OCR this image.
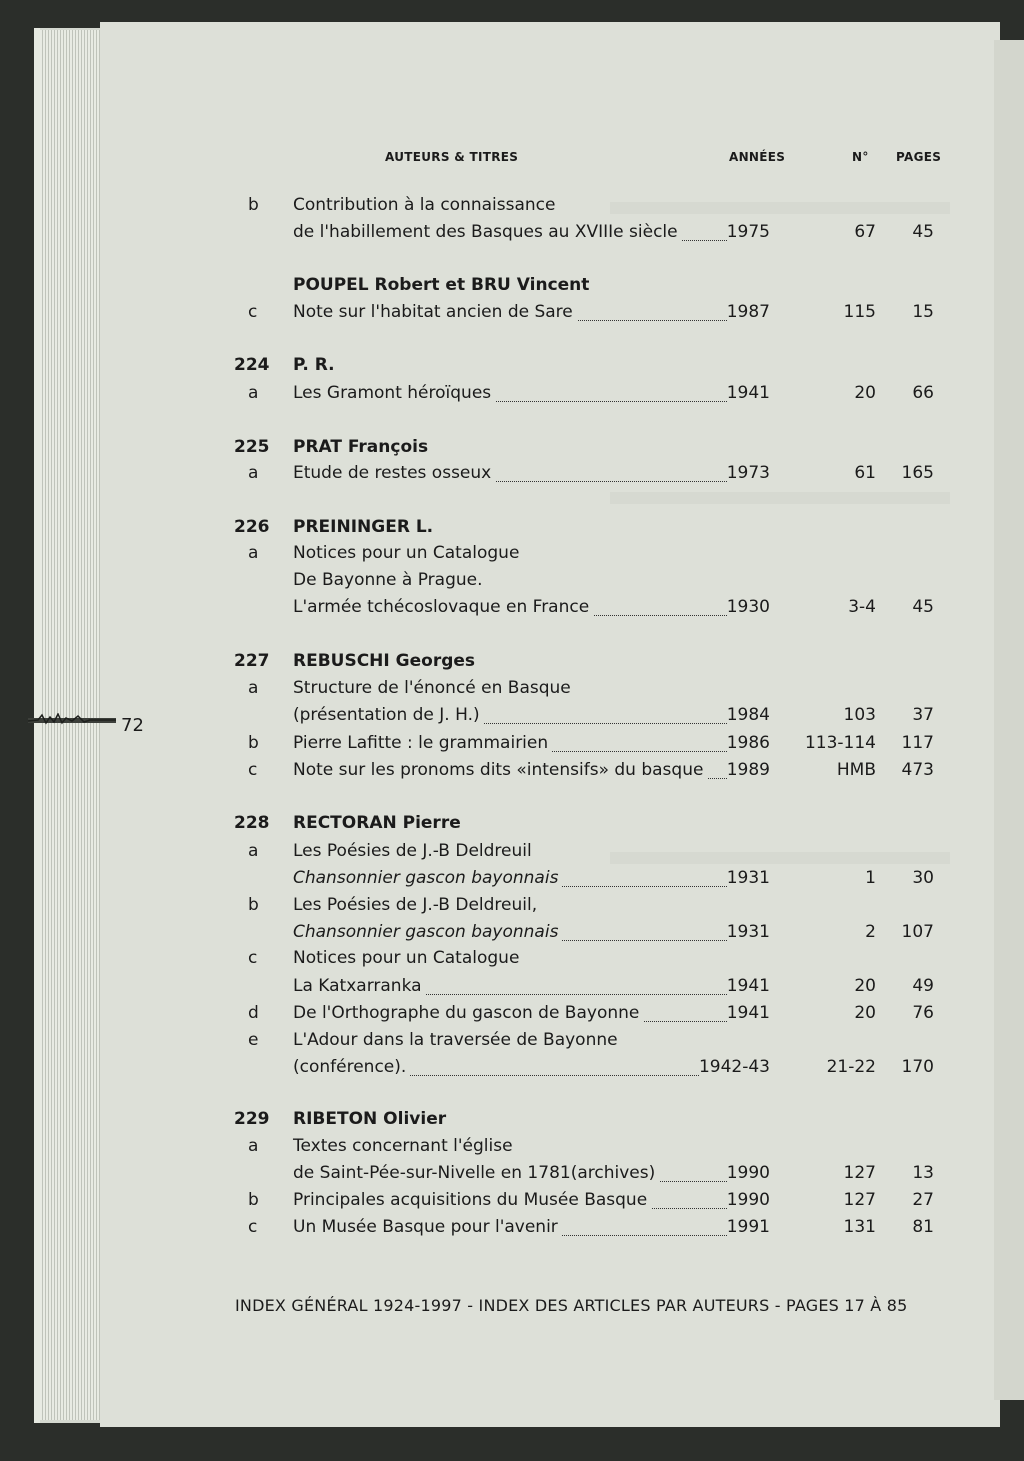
AUTEURS & TITRES	ANNÉES	N° PAGES
b Contribution à la connaissance
de l'habillement des Basques au XVIIIe siècle	1975	67 45
POUPEL Robert et BRU Vincent
c Note sur l'habitat ancien de Sare	1987	115 15
224 P. R.
a Les Gramont héroïques	1941	20 66
225 PRAT François
a Etude de restes osseux	1973	61 165
226 PREININGER L.
a Notices pour un Catalogue
De Bayonne à Prague.
L'armée tchécoslovaque en France	1930	3-4 45
227 REBUSCHI Georges
a Structure de l'énoncé en Basque
(présentation de J. H.)	1984	103 37
b Pierre Lafitte : le grammairien	1986 113-114 117
c Note sur les pronoms dits «intensifs» du basque 1989	HMB 473
228 RECTORAN Pierre
a Les Poésies de J.-B Deldreuil
Chansonnier gascon bayonnais	1931	1 30
b Les Poésies de J.-B Deldreuil,
Chansonnier gascon bayonnais	1931	2 107
c Notices pour un Catalogue
La Katxarranka	1941	20 49
d De l'Orthographe du gascon de Bayonne	1941	20 76
e L'Adour dans la traversée de Bayonne
(conférence).	1942-43	21-22 170
229 RIBETON Olivier
a Textes concernant l'église
de Saint-Pée-sur-Nivelle en 1781(archives)	1990	127 13
b Principales acquisitions du Musée Basque	1990	127 27
c Un Musée Basque pour l'avenir	1991	131 81
72
INDEX GÉNÉRAL 1924-1997 - INDEX DES ARTICLES PAR AUTEURS - PAGES 17 À 85
